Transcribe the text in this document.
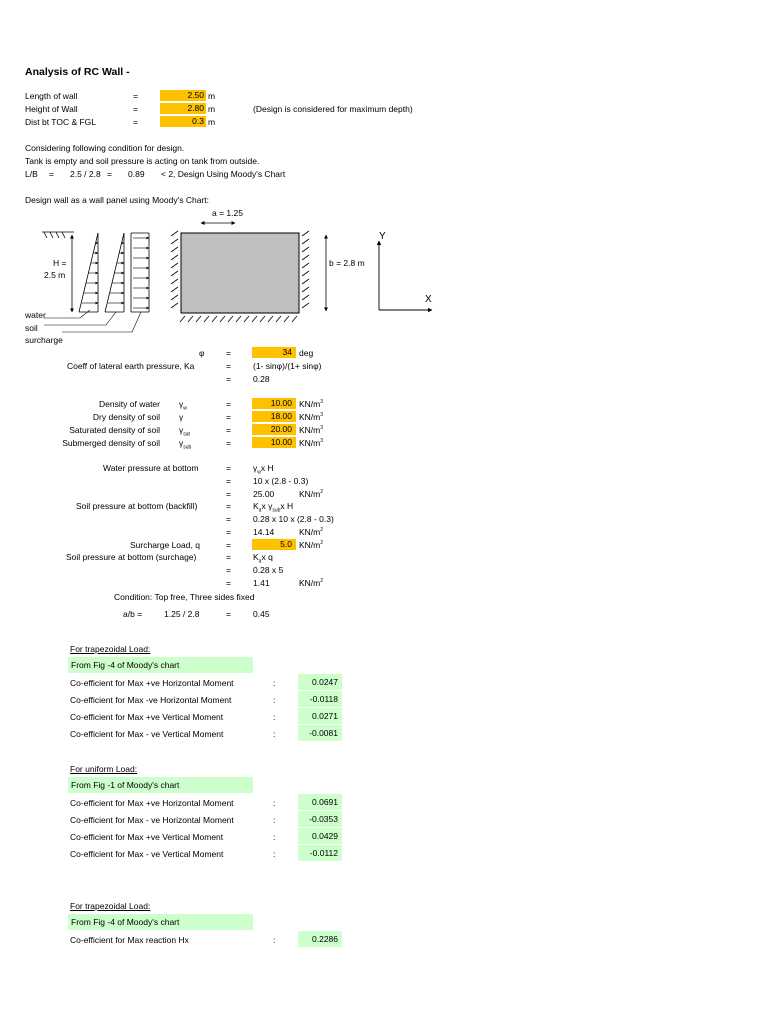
Analysis of RC Wall -
Length of wall	=	2.50 m
Height of Wall	=	2.80 m	(Design is considered for maximum depth)
Dist bt TOC & FGL	=	0.3 m
Considering following condition for design.
Tank is empty and soil pressure is acting on tank from outside.
L/B = 2.5 / 2.8 = 0.89 < 2, Design Using Moody's Chart
Design wall as a wall panel using Moody's Chart:
a = 1.25
b = 2.8 m
H =
2.5 m
water
soil
surcharge
Y
X
φ	=	34 deg
Coeff of lateral earth pressure, Ka	=	(1- sinφ)/(1+ sinφ)
=	0.28
Density of water $\gamma_w$	=	10.00 $KN/m^3$
Dry density of soil γ	=	18.00 $KN/m^3$
Saturated density of soil $\gamma_{sat}$	=	20.00 $KN/m^3$
Submerged density of soil $\gamma_{sub}$	=	10.00 $KN/m^3$
Water pressure at bottom	=	$\gamma_wx$ H
=	10 x (2.8 - 0.3)
=	25.00	$KN/m^2$
Soil pressure at bottom (backfill)	=	$K_ax$ $\gamma_{sub}x$ H
=	0.28 x 10 x (2.8 - 0.3)
=	14.14	$KN/m^2$
Surcharge Load, q	=	5.0 $KN/m^2$
Soil pressure at bottom (surchage)	=	$K_ax$ q
=	0.28 x 5
=	1.41	$KN/m^2$
Condition: Top free, Three sides fixed
a/b =	1.25 / 2.8	=	0.45
For trapezoidal Load:
From Fig -4 of Moody's chart
Co-efficient for Max +ve Horizontal Moment	:	0.0247
Co-efficient for Max -ve Horizontal Moment	:	-0.0118
Co-efficient for Max +ve Vertical Moment	:	0.0271
Co-efficient for Max - ve Vertical Moment	:	-0.0081
For uniform Load:
From Fig -1 of Moody's chart
Co-efficient for Max +ve Horizontal Moment	:	0.0691
Co-efficient for Max - ve Horizontal Moment	:	-0.0353
Co-efficient for Max +ve Vertical Moment	:	0.0429
Co-efficient for Max - ve Vertical Moment	:	-0.0112
For trapezoidal Load:
From Fig -4 of Moody's chart
Co-efficient for Max reaction Hx	:	0.2286
